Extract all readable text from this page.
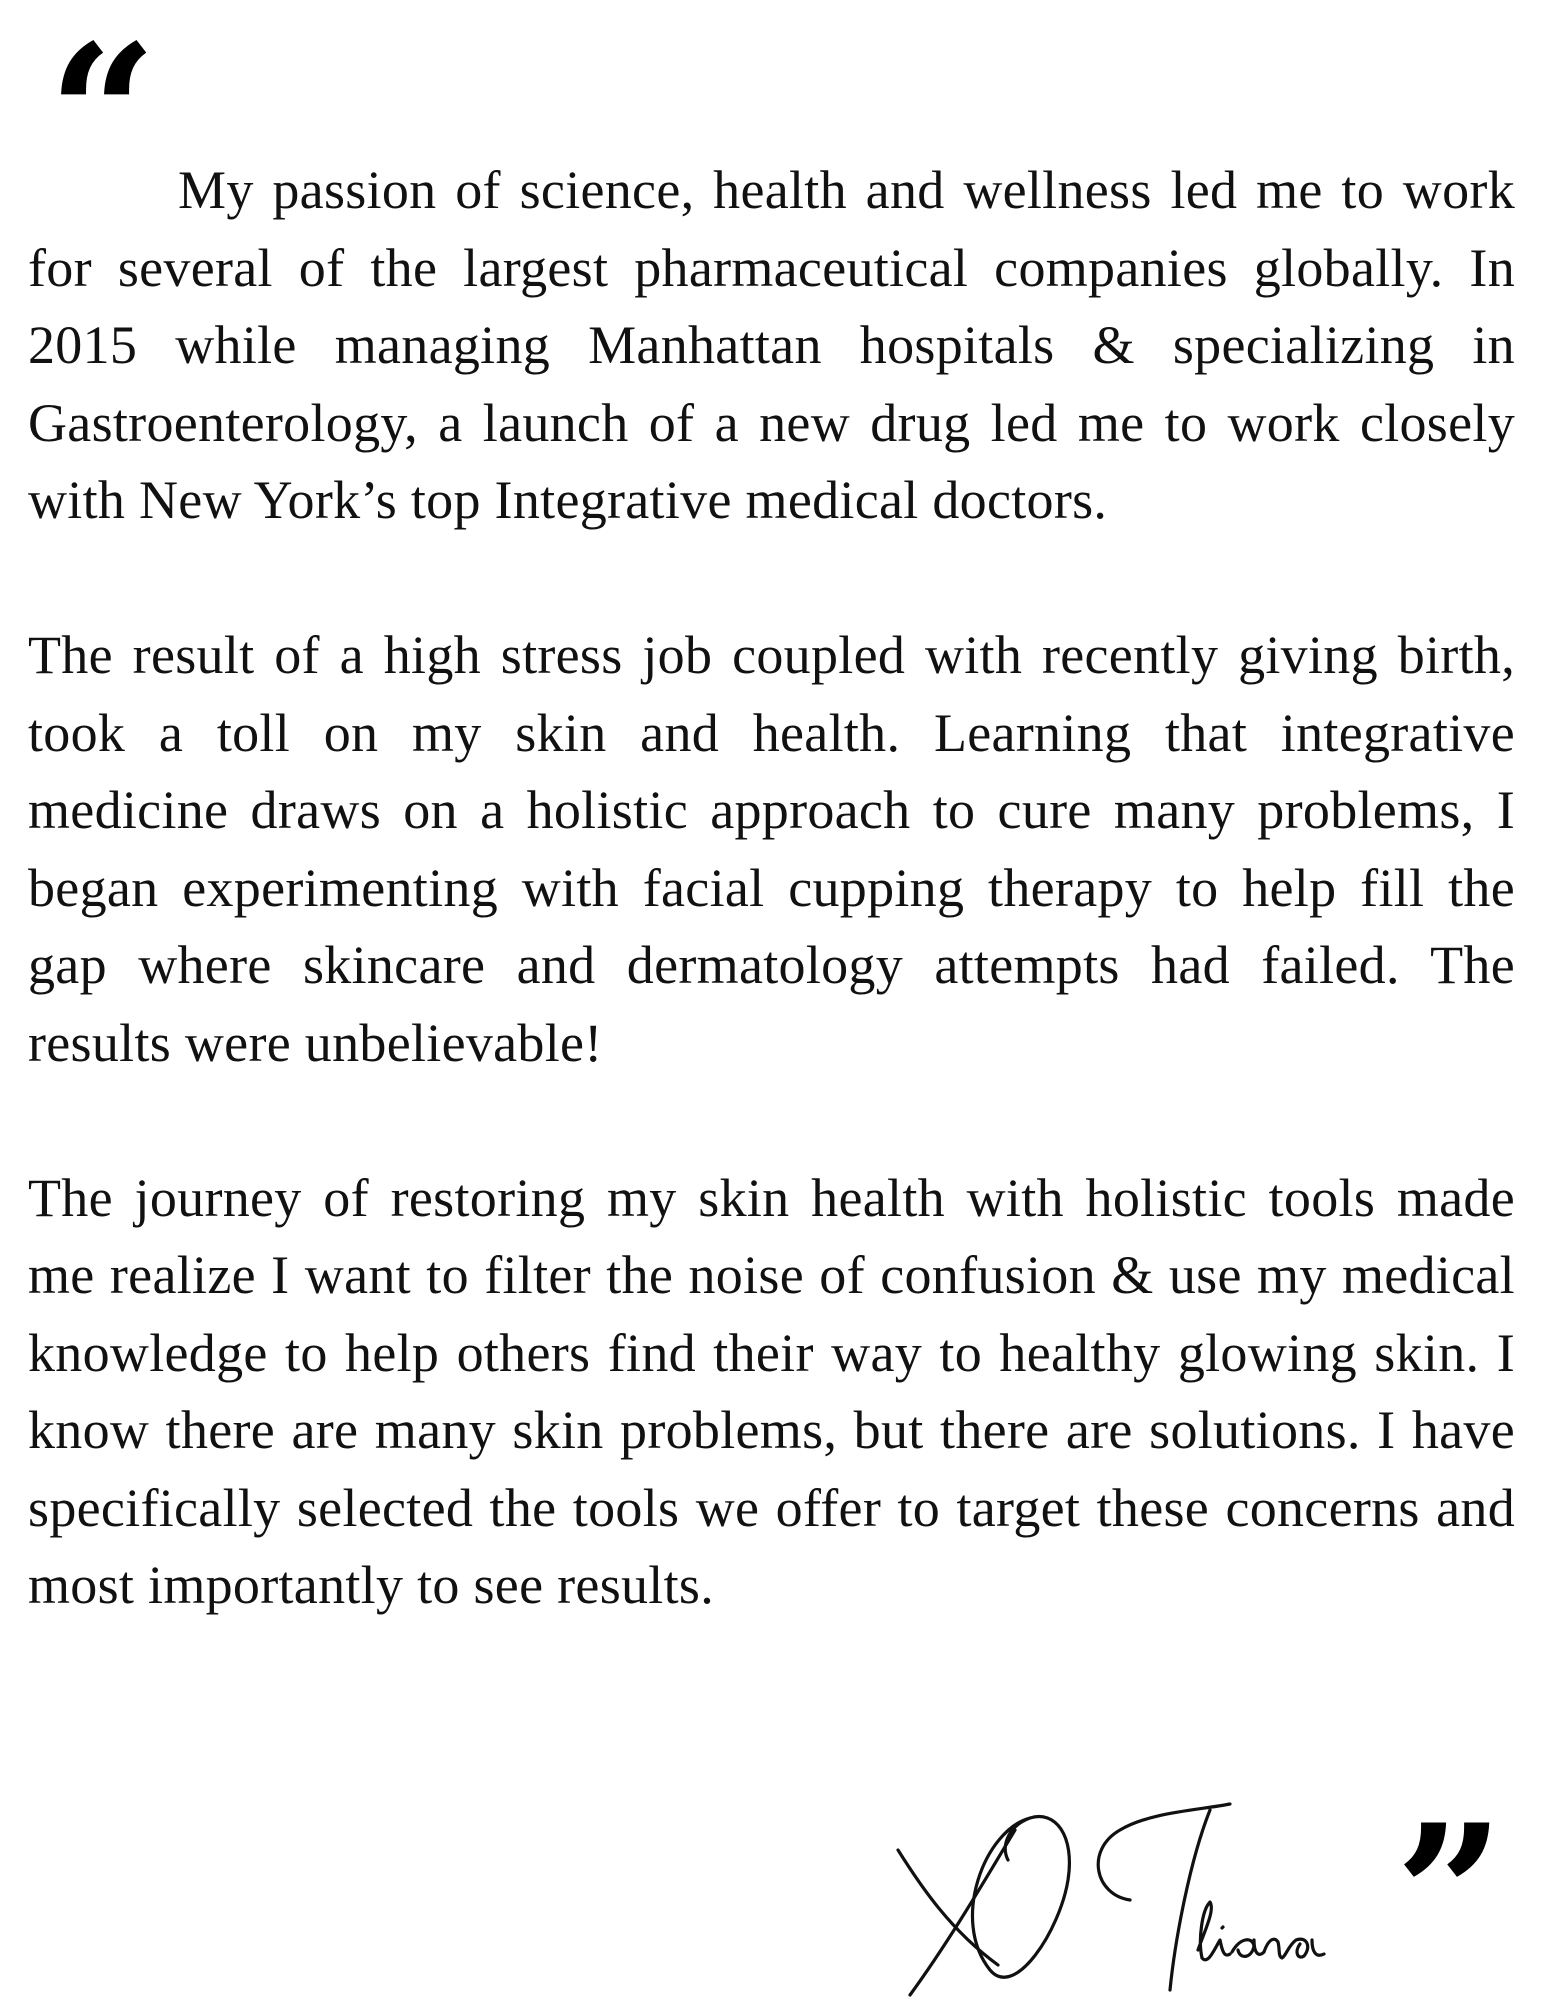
“ My passion of science, health and wellness led me to work for several of the largest pharmaceutical companies globally. In 2015 while managing Manhattan hospitals & specializing in Gastroenterology, a launch of a new drug led me to work closely with New York’s top Integrative medical doctors.

The result of a high stress job coupled with recently giving birth, took a toll on my skin and health. Learning that integrative medicine draws on a holistic approach to cure many problems, I began experimenting with facial cupping therapy to help fill the gap where skincare and dermatology attempts had failed. The results were unbelievable!

The journey of restoring my skin health with holistic tools made me realize I want to filter the noise of confusion & use my medical knowledge to help others find their way to healthy glowing skin. I know there are many skin problems, but there are solutions. I have specifically selected the tools we offer to target these concerns and most importantly to see results.

”
